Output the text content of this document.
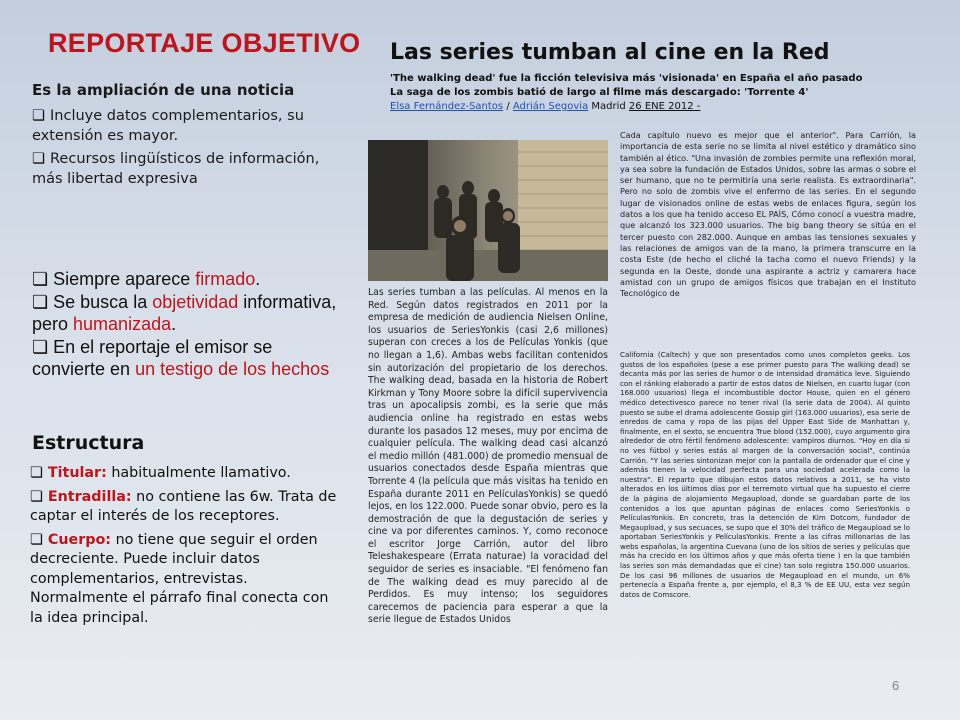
REPORTAJE OBJETIVO
Es la ampliación de una noticia
❏ Incluye datos complementarios, su extensión es mayor.
❏ Recursos lingüísticos de información, más libertad expresiva
❏ Siempre aparece firmado.
❏ Se busca la objetividad informativa, pero humanizada.
❏ En el reportaje el emisor se convierte en un testigo de los hechos
Estructura
❏ Titular: habitualmente llamativo.
❏ Entradilla: no contiene las 6w. Trata de captar el interés de los receptores.
❏ Cuerpo: no tiene que seguir el orden decreciente. Puede incluir datos complementarios, entrevistas. Normalmente el párrafo final conecta con la idea principal.
Las series tumban al cine en la Red
'The walking dead' fue la ficción televisiva más 'visionada' en España el año pasado
La saga de los zombis batió de largo al filme más descargado: 'Torrente 4'
Elsa Fernández-Santos / Adrián Segovia Madrid 26 ENE 2012 -
Las series tumban a las películas. Al menos en la Red. Según datos registrados en 2011 por la empresa de medición de audiencia Nielsen Online, los usuarios de SeriesYonkis (casi 2,6 millones) superan con creces a los de Películas Yonkis (que no llegan a 1,6). Ambas webs facilitan contenidos sin autorización del propietario de los derechos. The walking dead, basada en la historia de Robert Kirkman y Tony Moore sobre la difícil supervivencia tras un apocalipsis zombi, es la serie que más audiencia online ha registrado en estas webs durante los pasados 12 meses, muy por encima de cualquier película. The walking dead casi alcanzó el medio millón (481.000) de promedio mensual de usuarios conectados desde España mientras que Torrente 4 (la película que más visitas ha tenido en España durante 2011 en PelículasYonkis) se quedó lejos, en los 122.000. Puede sonar obvio, pero es la demostración de que la degustación de series y cine va por diferentes caminos. Y, como reconoce el escritor Jorge Carrión, autor del libro Teleshakespeare (Errata naturae) la voracidad del seguidor de series es insaciable. "El fenómeno fan de The walking dead es muy parecido al de Perdidos. Es muy intenso; los seguidores carecemos de paciencia para esperar a que la serie llegue de Estados Unidos
Cada capítulo nuevo es mejor que el anterior". Para Carrión, la importancia de esta serie no se limita al nivel estético y dramático sino también al ético. "Una invasión de zombies permite una reflexión moral, ya sea sobre la fundación de Estados Unidos, sobre las armas o sobre el ser humano, que no te permitiría una serie realista. Es extraordinaria". Pero no solo de zombis vive el enfermo de las series. En el segundo lugar de visionados online de estas webs de enlaces figura, según los datos a los que ha tenido acceso EL PAÍS, Cómo conocí a vuestra madre, que alcanzó los 323.000 usuarios. The big bang theory se sitúa en el tercer puesto con 282.000. Aunque en ambas las tensiones sexuales y las relaciones de amigos van de la mano, la primera transcurre en la costa Este (de hecho el cliché la tacha como el nuevo Friends) y la segunda en la Oeste, donde una aspirante a actriz y camarera hace amistad con un grupo de amigos físicos que trabajan en el Instituto Tecnológico de
California (Caltech) y que son presentados como unos completos geeks. Los gustos de los españoles (pese a ese primer puesto para The walking dead) se decanta más por las series de humor o de intensidad dramática leve. Siguiendo con el ránking elaborado a partir de estos datos de Nielsen, en cuarto lugar (con 168.000 usuarios) llega el incombustible doctor House, quien en el género médico detectivesco parece no tener rival (la serie data de 2004). Al quinto puesto se sube el drama adolescente Gossip girl (163.000 usuarios), esa serie de enredos de cama y ropa de las pijas del Upper East Side de Manhattan y, finalmente, en el sexto, se encuentra True blood (152.000), cuyo argumento gira alrededor de otro fértil fenómeno adolescente: vampiros diurnos. "Hoy en día si no ves fútbol y series estás al margen de la conversación social", continúa Carrión. "Y las series sintonizan mejor con la pantalla de ordenador que el cine y además tienen la velocidad perfecta para una sociedad acelerada como la nuestra". El reparto que dibujan estos datos relativos a 2011, se ha visto alterados en los últimos días por el terremoto virtual que ha supuesto el cierre de la página de alojamiento Megaupload, donde se guardaban parte de los contenidos a los que apuntan páginas de enlaces como SeriesYonkis o PelículasYonkis. En concreto, tras la detención de Kim Dotcom, fundador de Megaupload, y sus secuaces, se supo que el 30% del tráfico de Megaupload se lo aportaban SeriesYonkis y PelículasYonkis. Frente a las cifras millonarias de las webs españolas, la argentina Cuevana (uno de los sitios de series y películas que más ha crecido en los últimos años y que más oferta tiene ) en la que también las series son más demandadas que el cine) tan solo registra 150.000 usuarios. De los casi 96 millones de usuarios de Megaupload en el mundo, un 6% pertenecía a España frente a, por ejemplo, el 8,3 % de EE UU, esta vez según datos de Comscore.
6
